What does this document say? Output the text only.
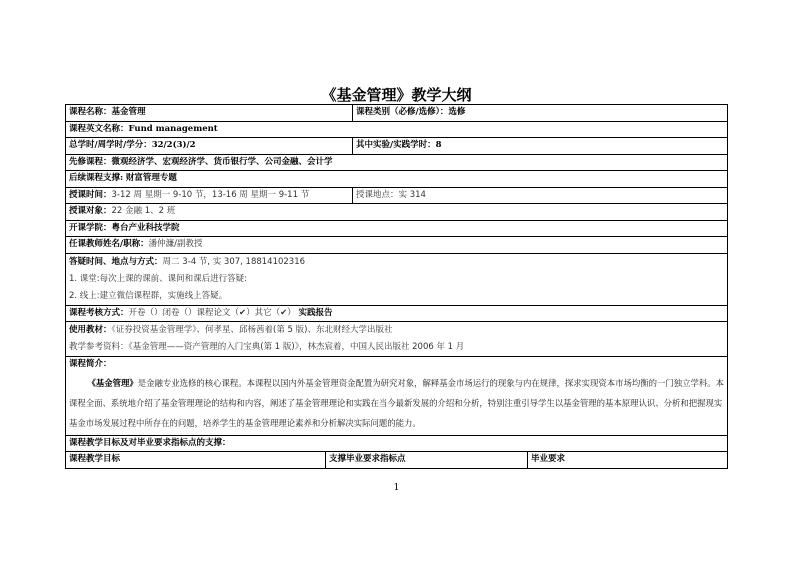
《基金管理》教学大纲
课程名称：基金管理		课程类别（必修/选修）：选修	
课程英文名称：Fund management			
总学时/周学时/学分：32/2(3)/2		其中实验/实践学时：8	
先修课程：微观经济学、宏观经济学、货币银行学、公司金融、会计学			
后续课程支撑: 财富管理专题			
授课时间：3-12 周 星期一 9-10 节，13-16 周 星期一 9-11 节		授课地点：实 314	
授课对象：22 金融 1、2 班			
开课学院：粤台产业科技学院			
任课教师姓名/职称：潘仲濂/副教授			
答疑时间、地点与方式：周二 3-4 节, 实 307, 18814102316
1. 课堂:每次上课的课前、课间和课后进行答疑:
2. 线上:建立微信课程群，实施线上答疑。			
课程考核方式：开卷（）闭卷（）课程论文（✔）其它（✔） 实践报告			
使用教材：《证券投资基金管理学》、何孝星、邱杨茜着(第 5 版)、东北财经大学出版社
教学参考资料：《基金管理——资产管理的入门宝典(第 1 版)》，林杰宸着，中国人民出版社 2006 年 1 月			
课程简介：
《基金管理》是金融专业选修的核心课程。本课程以国内外基金管理资金配置为研究对象，解释基金市场运行的现象与内在规律，探求实现资本市场均衡的一门独立学科。本课程全面、系统地介绍了基金管理理论的结构和内容，阐述了基金管理理论和实践在当今最新发展的介绍和分析，特别注重引导学生以基金管理的基本原理认识、分析和把握现实基金市场发展过程中所存在的问题，培养学生的基金管理理论素养和分析解决实际问题的能力。			

课程教学目标及对毕业要求指标点的支撑：			
课程教学目标	支撑毕业要求指标点		毕业要求
1
